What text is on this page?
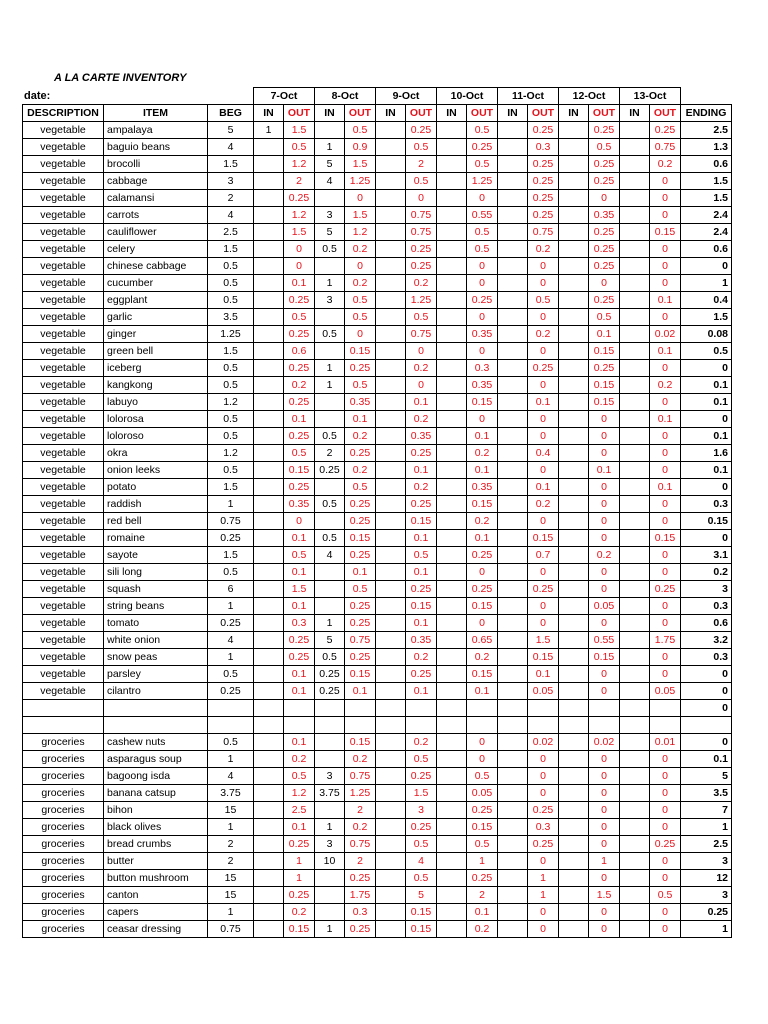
A LA CARTE INVENTORY
date:
			7-Oct		8-Oct		9-Oct		10-Oct		11-Oct		12-Oct		13-Oct		
DESCRIPTION	ITEM	BEG	IN	OUT	IN	OUT	IN	OUT	IN	OUT	IN	OUT	IN	OUT	IN	OUT	ENDING
vegetable	ampalaya	5	1	1.5		0.5		0.25		0.5		0.25		0.25		0.25	2.5
vegetable	baguio beans	4		0.5	1	0.9		0.5		0.25		0.3		0.5		0.75	1.3
vegetable	brocolli	1.5		1.2	5	1.5		2		0.5		0.25		0.25		0.2	0.6
vegetable	cabbage	3		2	4	1.25		0.5		1.25		0.25		0.25		0	1.5
vegetable	calamansi	2		0.25		0		0		0		0.25		0		0	1.5
vegetable	carrots	4		1.2	3	1.5		0.75		0.55		0.25		0.35		0	2.4
vegetable	cauliflower	2.5		1.5	5	1.2		0.75		0.5		0.75		0.25		0.15	2.4
vegetable	celery	1.5		0	0.5	0.2		0.25		0.5		0.2		0.25		0	0.6
vegetable	chinese cabbage	0.5		0		0		0.25		0		0		0.25		0	0
vegetable	cucumber	0.5		0.1	1	0.2		0.2		0		0		0		0	1
vegetable	eggplant	0.5		0.25	3	0.5		1.25		0.25		0.5		0.25		0.1	0.4
vegetable	garlic	3.5		0.5		0.5		0.5		0		0		0.5		0	1.5
vegetable	ginger	1.25		0.25	0.5	0		0.75		0.35		0.2		0.1		0.02	0.08
vegetable	green bell	1.5		0.6		0.15		0		0		0		0.15		0.1	0.5
vegetable	iceberg	0.5		0.25	1	0.25		0.2		0.3		0.25		0.25		0	0
vegetable	kangkong	0.5		0.2	1	0.5		0		0.35		0		0.15		0.2	0.1
vegetable	labuyo	1.2		0.25		0.35		0.1		0.15		0.1		0.15		0	0.1
vegetable	lolorosa	0.5		0.1		0.1		0.2		0		0		0		0.1	0
vegetable	loloroso	0.5		0.25	0.5	0.2		0.35		0.1		0		0		0	0.1
vegetable	okra	1.2		0.5	2	0.25		0.25		0.2		0.4		0		0	1.6
vegetable	onion leeks	0.5		0.15	0.25	0.2		0.1		0.1		0		0.1		0	0.1
vegetable	potato	1.5		0.25		0.5		0.2		0.35		0.1		0		0.1	0
vegetable	raddish	1		0.35	0.5	0.25		0.25		0.15		0.2		0		0	0.3
vegetable	red bell	0.75		0		0.25		0.15		0.2		0		0		0	0.15
vegetable	romaine	0.25		0.1	0.5	0.15		0.1		0.1		0.15		0		0.15	0
vegetable	sayote	1.5		0.5	4	0.25		0.5		0.25		0.7		0.2		0	3.1
vegetable	sili long	0.5		0.1		0.1		0.1		0		0		0		0	0.2
vegetable	squash	6		1.5		0.5		0.25		0.25		0.25		0		0.25	3
vegetable	string beans	1		0.1		0.25		0.15		0.15		0		0.05		0	0.3
vegetable	tomato	0.25		0.3	1	0.25		0.1		0		0		0		0	0.6
vegetable	white onion	4		0.25	5	0.75		0.35		0.65		1.5		0.55		1.75	3.2
vegetable	snow peas	1		0.25	0.5	0.25		0.2		0.2		0.15		0.15		0	0.3
vegetable	parsley	0.5		0.1	0.25	0.15		0.25		0.15		0.1		0		0	0
vegetable	cilantro	0.25		0.1	0.25	0.1		0.1		0.1		0.05		0		0.05	0
																	0

groceries	cashew nuts	0.5		0.1		0.15		0.2		0		0.02		0.02		0.01	0
groceries	asparagus soup	1		0.2		0.2		0.5		0		0		0		0	0.1
groceries	bagoong isda	4		0.5	3	0.75		0.25		0.5		0		0		0	5
groceries	banana catsup	3.75		1.2	3.75	1.25		1.5		0.05		0		0		0	3.5
groceries	bihon	15		2.5		2		3		0.25		0.25		0		0	7
groceries	black olives	1		0.1	1	0.2		0.25		0.15		0.3		0		0	1
groceries	bread crumbs	2		0.25	3	0.75		0.5		0.5		0.25		0		0.25	2.5
groceries	butter	2		1	10	2		4		1		0		1		0	3
groceries	button mushroom	15		1		0.25		0.5		0.25		1		0		0	12
groceries	canton	15		0.25		1.75		5		2		1		1.5		0.5	3
groceries	capers	1		0.2		0.3		0.15		0.1		0		0		0	0.25
groceries	ceasar dressing	0.75		0.15	1	0.25		0.15		0.2		0		0		0	1
